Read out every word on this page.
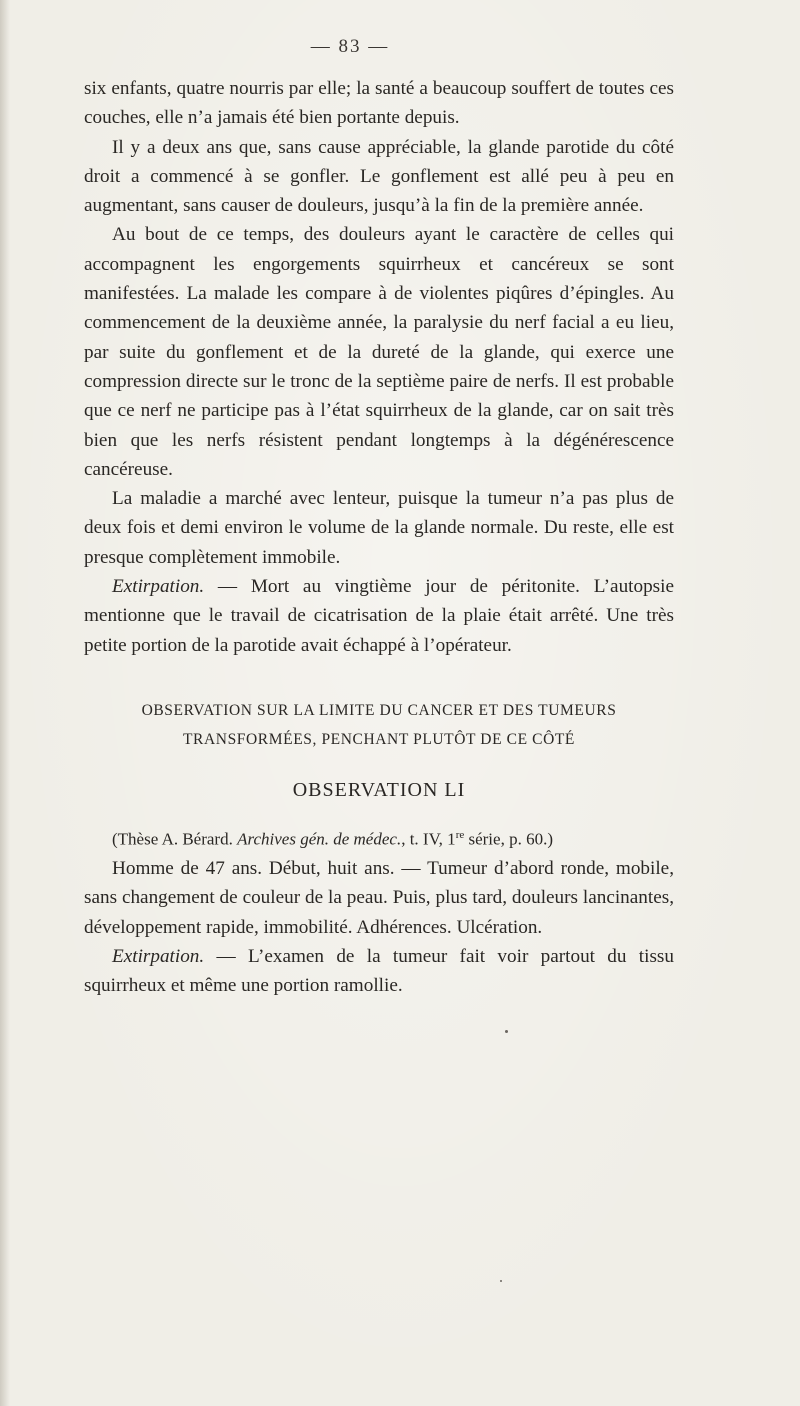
— 83 —

six enfants, quatre nourris par elle; la santé a beaucoup souffert de toutes ces couches, elle n’a jamais été bien portante depuis.

Il y a deux ans que, sans cause appréciable, la glande parotide du côté droit a commencé à se gonfler. Le gonflement est allé peu à peu en augmentant, sans causer de douleurs, jusqu’à la fin de la première année.

Au bout de ce temps, des douleurs ayant le caractère de celles qui accompagnent les engorgements squirrheux et cancéreux se sont manifestées. La malade les compare à de violentes piqûres d’épingles. Au commencement de la deuxième année, la paralysie du nerf facial a eu lieu, par suite du gonflement et de la dureté de la glande, qui exerce une compression directe sur le tronc de la septième paire de nerfs. Il est probable que ce nerf ne participe pas à l’état squirrheux de la glande, car on sait très bien que les nerfs résistent pendant longtemps à la dégénérescence cancéreuse.

La maladie a marché avec lenteur, puisque la tumeur n’a pas plus de deux fois et demi environ le volume de la glande normale. Du reste, elle est presque complètement immobile.

Extirpation. — Mort au vingtième jour de péritonite. L’autopsie mentionne que le travail de cicatrisation de la plaie était arrêté. Une très petite portion de la parotide avait échappé à l’opérateur.

OBSERVATION SUR LA LIMITE DU CANCER ET DES TUMEURS
TRANSFORMÉES, PENCHANT PLUTÔT DE CE CÔTÉ
OBSERVATION LI
(Thèse A. Bérard. Archives gén. de médec., t. IV, 1re série, p. 60.)

Homme de 47 ans. Début, huit ans. — Tumeur d’abord ronde, mobile, sans changement de couleur de la peau. Puis, plus tard, douleurs lancinantes, développement rapide, immobilité. Adhérences. Ulcération.

Extirpation. — L’examen de la tumeur fait voir partout du tissu squirrheux et même une portion ramollie.
